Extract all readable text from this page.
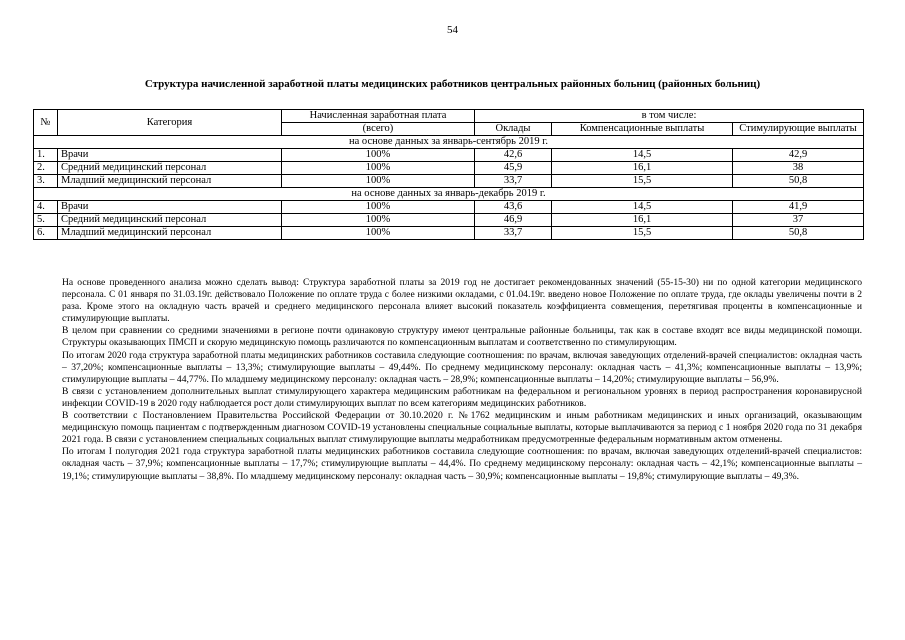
54
Структура начисленной заработной платы медицинских работников центральных районных больниц (районных больниц)
№	Категория	Начисленная заработная плата	в том числе:		
		(всего)	Оклады	Компенсационные выплаты	Стимулирующие выплаты
на основе данных за январь-сентябрь 2019 г.					
1.	Врачи	100%	42,6	14,5	42,9
2.	Средний медицинский персонал	100%	45,9	16,1	38
3.	Младший медицинский персонал	100%	33,7	15,5	50,8
на основе данных за январь-декабрь 2019 г.					
4.	Врачи	100%	43,6	14,5	41,9
5.	Средний медицинский персонал	100%	46,9	16,1	37
6.	Младший медицинский персонал	100%	33,7	15,5	50,8

На основе проведенного анализа можно сделать вывод: Структура заработной платы за 2019 год не достигает рекомендованных значений (55-15-30) ни по одной категории медицинского персонала. С 01 января по 31.03.19г. действовало Положение по оплате труда с более низкими окладами, с 01.04.19г. введено новое Положение по оплате труда, где оклады увеличены почти в 2 раза. Кроме этого на окладную часть врачей и среднего медицинского персонала влияет высокий показатель коэффициента совмещения, перетягивая проценты в компенсационные и стимулирующие выплаты.

В целом при сравнении со средними значениями в регионе почти одинаковую структуру имеют центральные районные больницы, так как в составе входят все виды медицинской помощи. Структуры оказывающих ПМСП и скорую медицинскую помощь различаются по компенсационным выплатам и соответственно по стимулирующим.

По итогам 2020 года структура заработной платы медицинских работников составила следующие соотношения: по врачам, включая заведующих отделений-врачей специалистов: окладная часть – 37,20%; компенсационные выплаты – 13,3%; стимулирующие выплаты – 49,44%. По среднему медицинскому персоналу: окладная часть – 41,3%; компенсационные выплаты – 13,9%; стимулирующие выплаты – 44,77%. По младшему медицинскому персоналу: окладная часть – 28,9%; компенсационные выплаты – 14,20%; стимулирующие выплаты – 56,9%.

В связи с установлением дополнительных выплат стимулирующего характера медицинским работникам на федеральном и региональном уровнях в период распространения коронавирусной инфекции COVID-19 в 2020 году наблюдается рост доли стимулирующих выплат по всем категориям медицинских работников.

В соответствии с Постановлением Правительства Российской Федерации от 30.10.2020 г. №1762 медицинским и иным работникам медицинских и иных организаций, оказывающим медицинскую помощь пациентам с подтвержденным диагнозом COVID-19 установлены специальные социальные выплаты, которые выплачиваются за период с 1 ноября 2020 года по 31 декабря 2021 года. В связи с установлением специальных социальных выплат стимулирующие выплаты медработникам предусмотренные федеральным нормативным актом отменены.

По итогам I полугодия 2021 года структура заработной платы медицинских работников составила следующие соотношения: по врачам, включая заведующих отделений-врачей специалистов: окладная часть – 37,9%; компенсационные выплаты – 17,7%; стимулирующие выплаты – 44,4%. По среднему медицинскому персоналу: окладная часть – 42,1%; компенсационные выплаты – 19,1%; стимулирующие выплаты – 38,8%. По младшему медицинскому персоналу: окладная часть – 30,9%; компенсационные выплаты – 19,8%; стимулирующие выплаты – 49,3%.
